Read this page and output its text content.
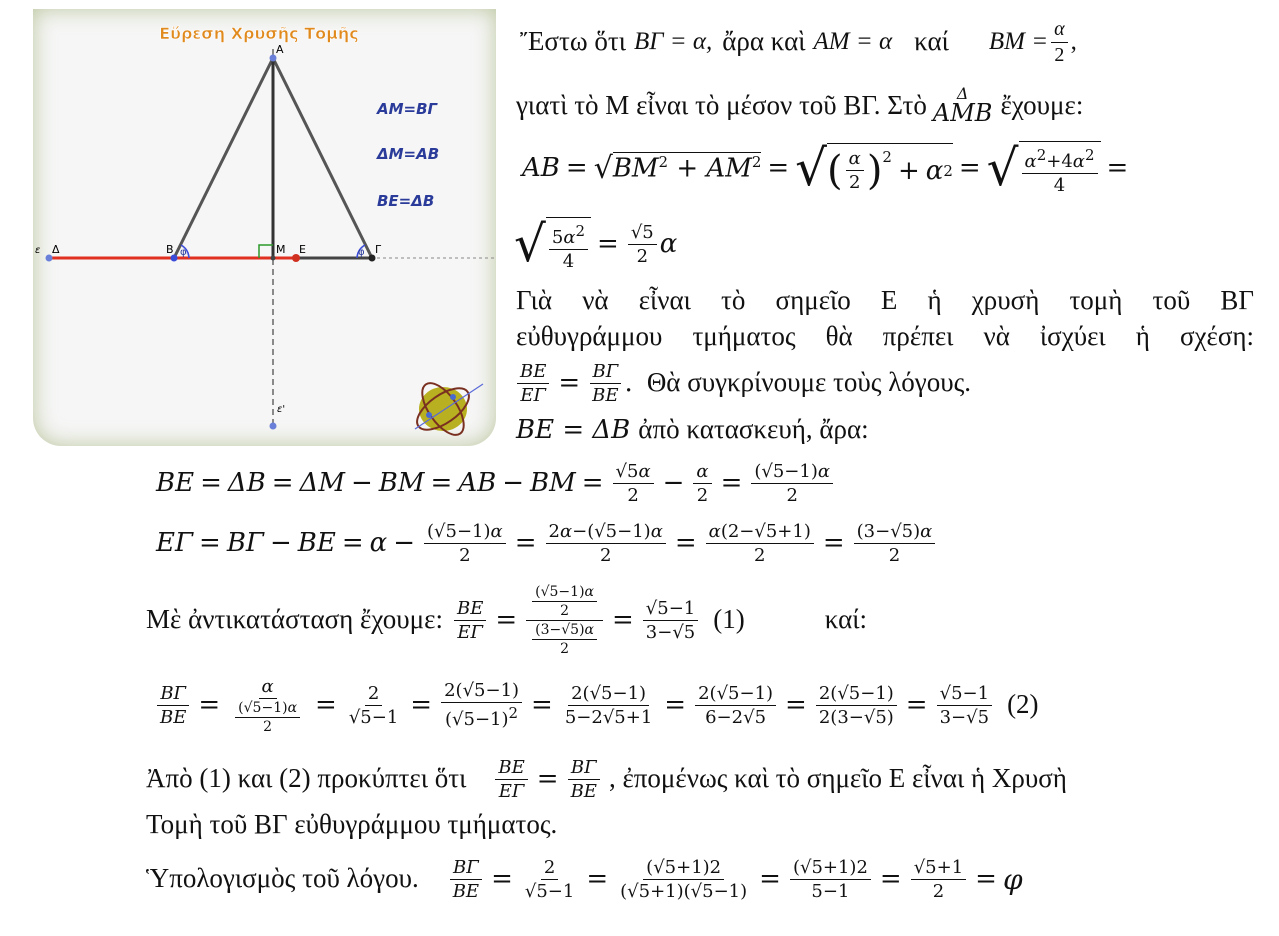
A
B	Γ
Δ	M E
ε
ε'
φ	φ
Εὕρεση Χρυσῆς Τομῆς
AM=BΓ
ΔM=AB
BE=ΔB
Ἔστω ὅτι BΓ = α, ἄρα καὶ AM = α καί BM = $\frac{\alpha}{2}$ ,
γιατὶ τὸ Μ εἶναι τὸ μέσον τοῦ ΒΓ. Στὸ Δ
AMB ἔχουμε:
AB = √ $BM^2 + AM^2$ = √ ( $\frac{\alpha}{2} )^2 + \alpha$ 2 = √ $\frac{\alpha^2+4\alpha^2}{4}$ =
√ $\frac{5\alpha^2}{4} = \frac{√5}{2}$ α
Γιὰ νὰ εἶναι τὸ σημεῖο Ε ἡ χρυσὴ τομὴ τοῦ ΒΓ
εὐθυγράμμου τμήματος θὰ πρέπει νὰ ἰσχύει ἡ σχέση:
$\frac{BE}{E\Gamma} = \frac{B\Gamma}{BE}$ . Θὰ συγκρίνουμε τοὺς λόγους.
BE = ΔB ἀπὸ κατασκευή, ἄρα:
BE = ΔB = ΔM − BM = AB − BM = $\frac{√5\alpha}{2} - \frac{\alpha}{2} = \frac{(√5-1)\alpha}{2}$
EΓ = BΓ − BE = $\alpha - \frac{(√5-1)\alpha}{2} = \frac{2\alpha-(√5-1)\alpha}{2} = \frac{\alpha(2-√5+1)}{2} = \frac{(3-√5)\alpha}{2}$
Μὲ ἀντικατάσταση ἔχουμε: $\frac{BE}{E\Gamma} = \frac{\frac{(√5-1)\alpha}{2}}{\frac{(3-√5)\alpha}{2}} = \frac{√5-1}{3-√5} (1)$	καί:
$\frac{B\Gamma}{BE} = \frac{\alpha}{\frac{(√5-1)\alpha}{2}} = \frac{2}{√5-1} = \frac{2(√5-1)}{(√5-1)^2} = \frac{2(√5-1)}{5-2√5+1} = \frac{2(√5-1)}{6-2√5} = \frac{2(√5-1)}{2(3-√5)} = \frac{√5-1}{3-√5} (2)$
Ἀπὸ (1) και (2) προκύπτει ὅτι $\frac{BE}{E\Gamma} = \frac{B\Gamma}{BE}$ , ἐπομένως καὶ τὸ σημεῖο Ε εἶναι ἡ Χρυσὴ
Τομὴ τοῦ ΒΓ εὐθυγράμμου τμήματος.
Ὑπολογισμὸς τοῦ λόγου. $\frac{B\Gamma}{BE} = \frac{2}{√5-1} = \frac{(√5+1)2}{(√5+1)(√5-1)} = \frac{(√5+1)2}{5-1} = \frac{√5+1}{2} = \varphi$
